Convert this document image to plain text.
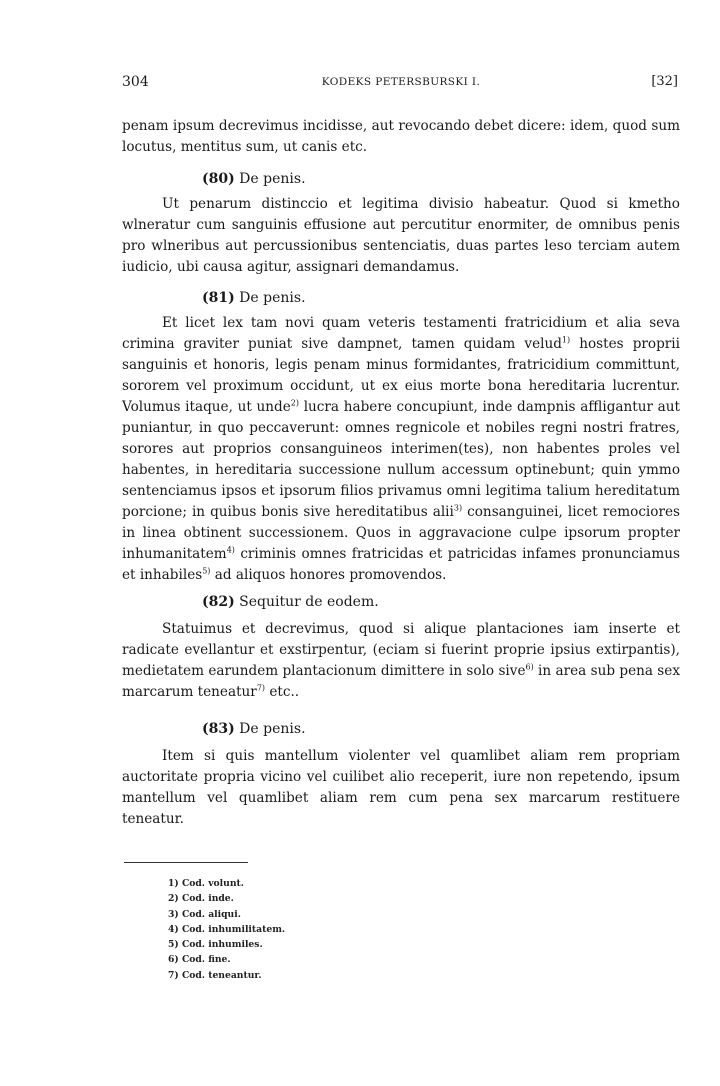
304	KODEKS PETERSBURSKI I.	[32]

penam ipsum decrevimus incidisse, aut revocando debet dicere: idem, quod sum locutus, mentitus sum, ut canis etc.

(80) De penis.

Ut penarum distinccio et legitima divisio habeatur. Quod si kmetho wlneratur cum sanguinis effusione aut percutitur enormiter, de omnibus penis pro wlneribus aut percussionibus sentenciatis, duas partes leso terciam autem iudicio, ubi causa agitur, assignari demandamus.

(81) De penis.

Et licet lex tam novi quam veteris testamenti fratricidium et alia seva crimina graviter puniat sive dampnet, tamen quidam velud$^{1)}$ hostes proprii sanguinis et honoris, legis penam minus formidantes, fratricidium committunt, sororem vel proximum occidunt, ut ex eius morte bona hereditaria lucrentur. Volumus itaque, ut unde$^{2)}$ lucra habere concupiunt, inde dampnis affligantur aut puniantur, in quo peccaverunt: omnes regnicole et nobiles regni nostri fratres, sorores aut proprios consanguineos interimen(tes), non habentes proles vel habentes, in hereditaria successione nullum accessum optinebunt; quin ymmo sentenciamus ipsos et ipsorum filios privamus omni legitima talium hereditatum porcione; in quibus bonis sive hereditatibus alii$^{3)}$ consanguinei, licet remociores in linea obtinent successionem. Quos in aggravacione culpe ipsorum propter inhumanitatem$^{4)}$ criminis omnes fratricidas et patricidas infames pronunciamus et inhabiles$^{5)}$ ad aliquos honores promovendos.

(82) Sequitur de eodem.

Statuimus et decrevimus, quod si alique plantaciones iam inserte et radicate evellantur et exstirpentur, (eciam si fuerint proprie ipsius extirpantis), medietatem earundem plantacionum dimittere in solo sive$^{6)}$ in area sub pena sex marcarum teneatur$^{7)}$ etc..

(83) De penis.

Item si quis mantellum violenter vel quamlibet aliam rem propriam auctoritate propria vicino vel cuilibet alio receperit, iure non repetendo, ipsum mantellum vel quamlibet aliam rem cum pena sex marcarum restituere teneatur.

1) Cod. volunt.
2) Cod. inde.
3) Cod. aliqui.
4) Cod. inhumilitatem.
5) Cod. inhumiles.
6) Cod. fine.
7) Cod. teneantur.
